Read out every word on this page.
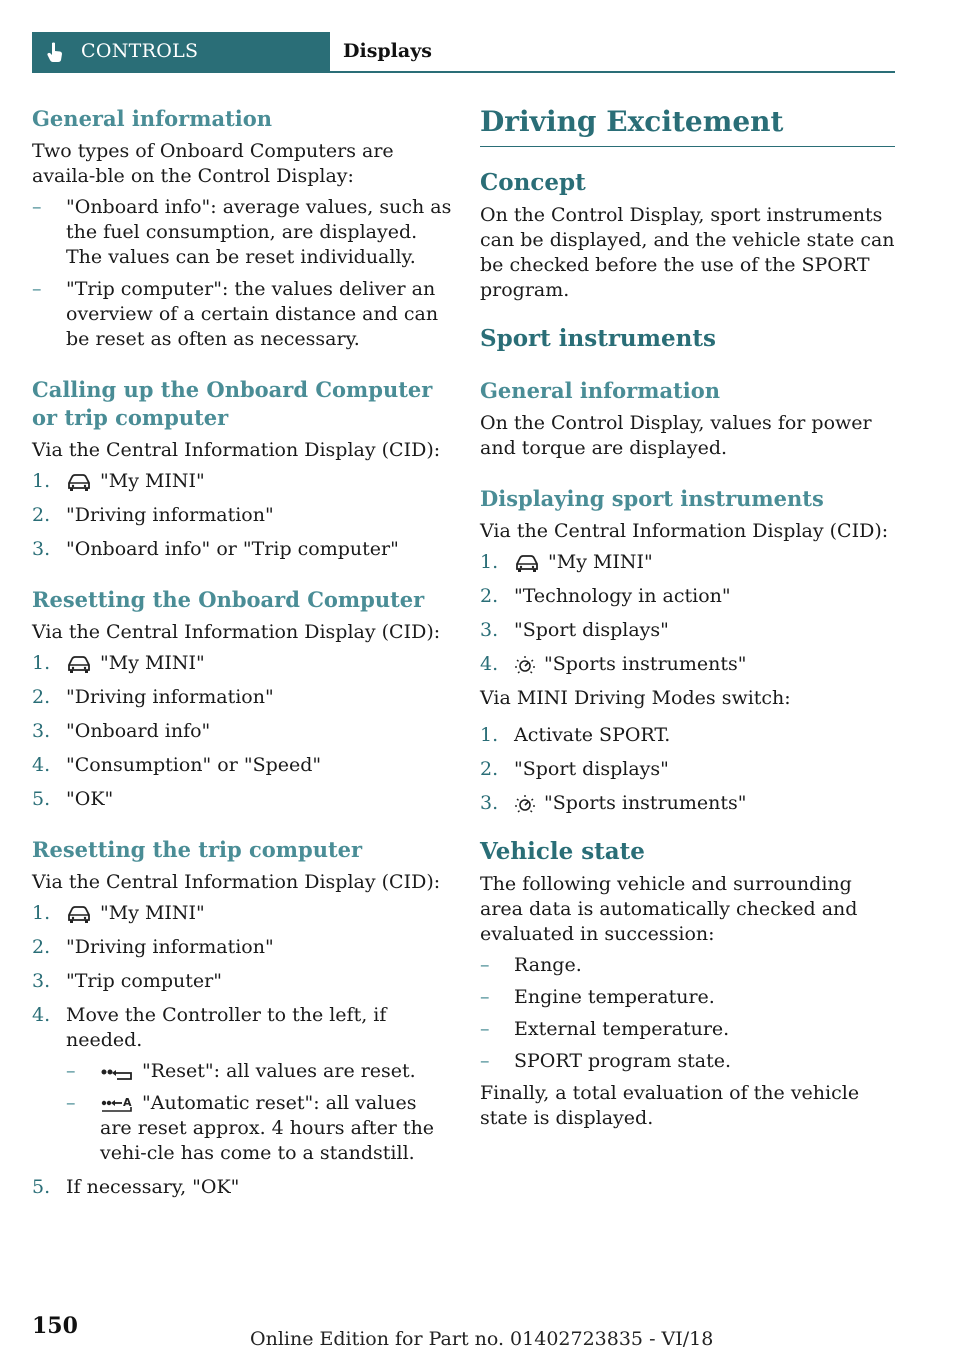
CONTROLS	Displays
General information

Two types of Onboard Computers are availa-ble on the Control Display:

– "Onboard info": average values, such as the fuel consumption, are displayed. The values can be reset individually.
– "Trip computer": the values deliver an overview of a certain distance and can be reset as often as necessary.
Calling up the Onboard Computer or trip computer

Via the Central Information Display (CID):

1.	"My MINI"
2. "Driving information"
3. "Onboard info" or "Trip computer"
Resetting the Onboard Computer

Via the Central Information Display (CID):

1.	"My MINI"
2. "Driving information"
3. "Onboard info"
4. "Consumption" or "Speed"
5. "OK"
Resetting the trip computer

Via the Central Information Display (CID):

1.	"My MINI"
2. "Driving information"
3. "Trip computer"
4. Move the Controller to the left, if needed.
–	"Reset": all values are reset.
–	"Automatic reset": all values are reset approx. 4 hours after the vehi-cle has come to a standstill.
5. If necessary, "OK"
Driving Excitement
Concept

On the Control Display, sport instruments can be displayed, and the vehicle state can be checked before the use of the SPORT program.

Sport instruments
General information

On the Control Display, values for power and torque are displayed.

Displaying sport instruments

Via the Central Information Display (CID):

1.	"My MINI"
2. "Technology in action"
3. "Sport displays"
4. "Sports instruments"

Via MINI Driving Modes switch:

1. Activate SPORT.
2. "Sport displays"
3. "Sports instruments"
Vehicle state

The following vehicle and surrounding area data is automatically checked and evaluated in succession:

– Range.
– Engine temperature.
– External temperature.
– SPORT program state.

Finally, a total evaluation of the vehicle state is displayed.

150	Online Edition for Part no. 01402723835 - VI/18
